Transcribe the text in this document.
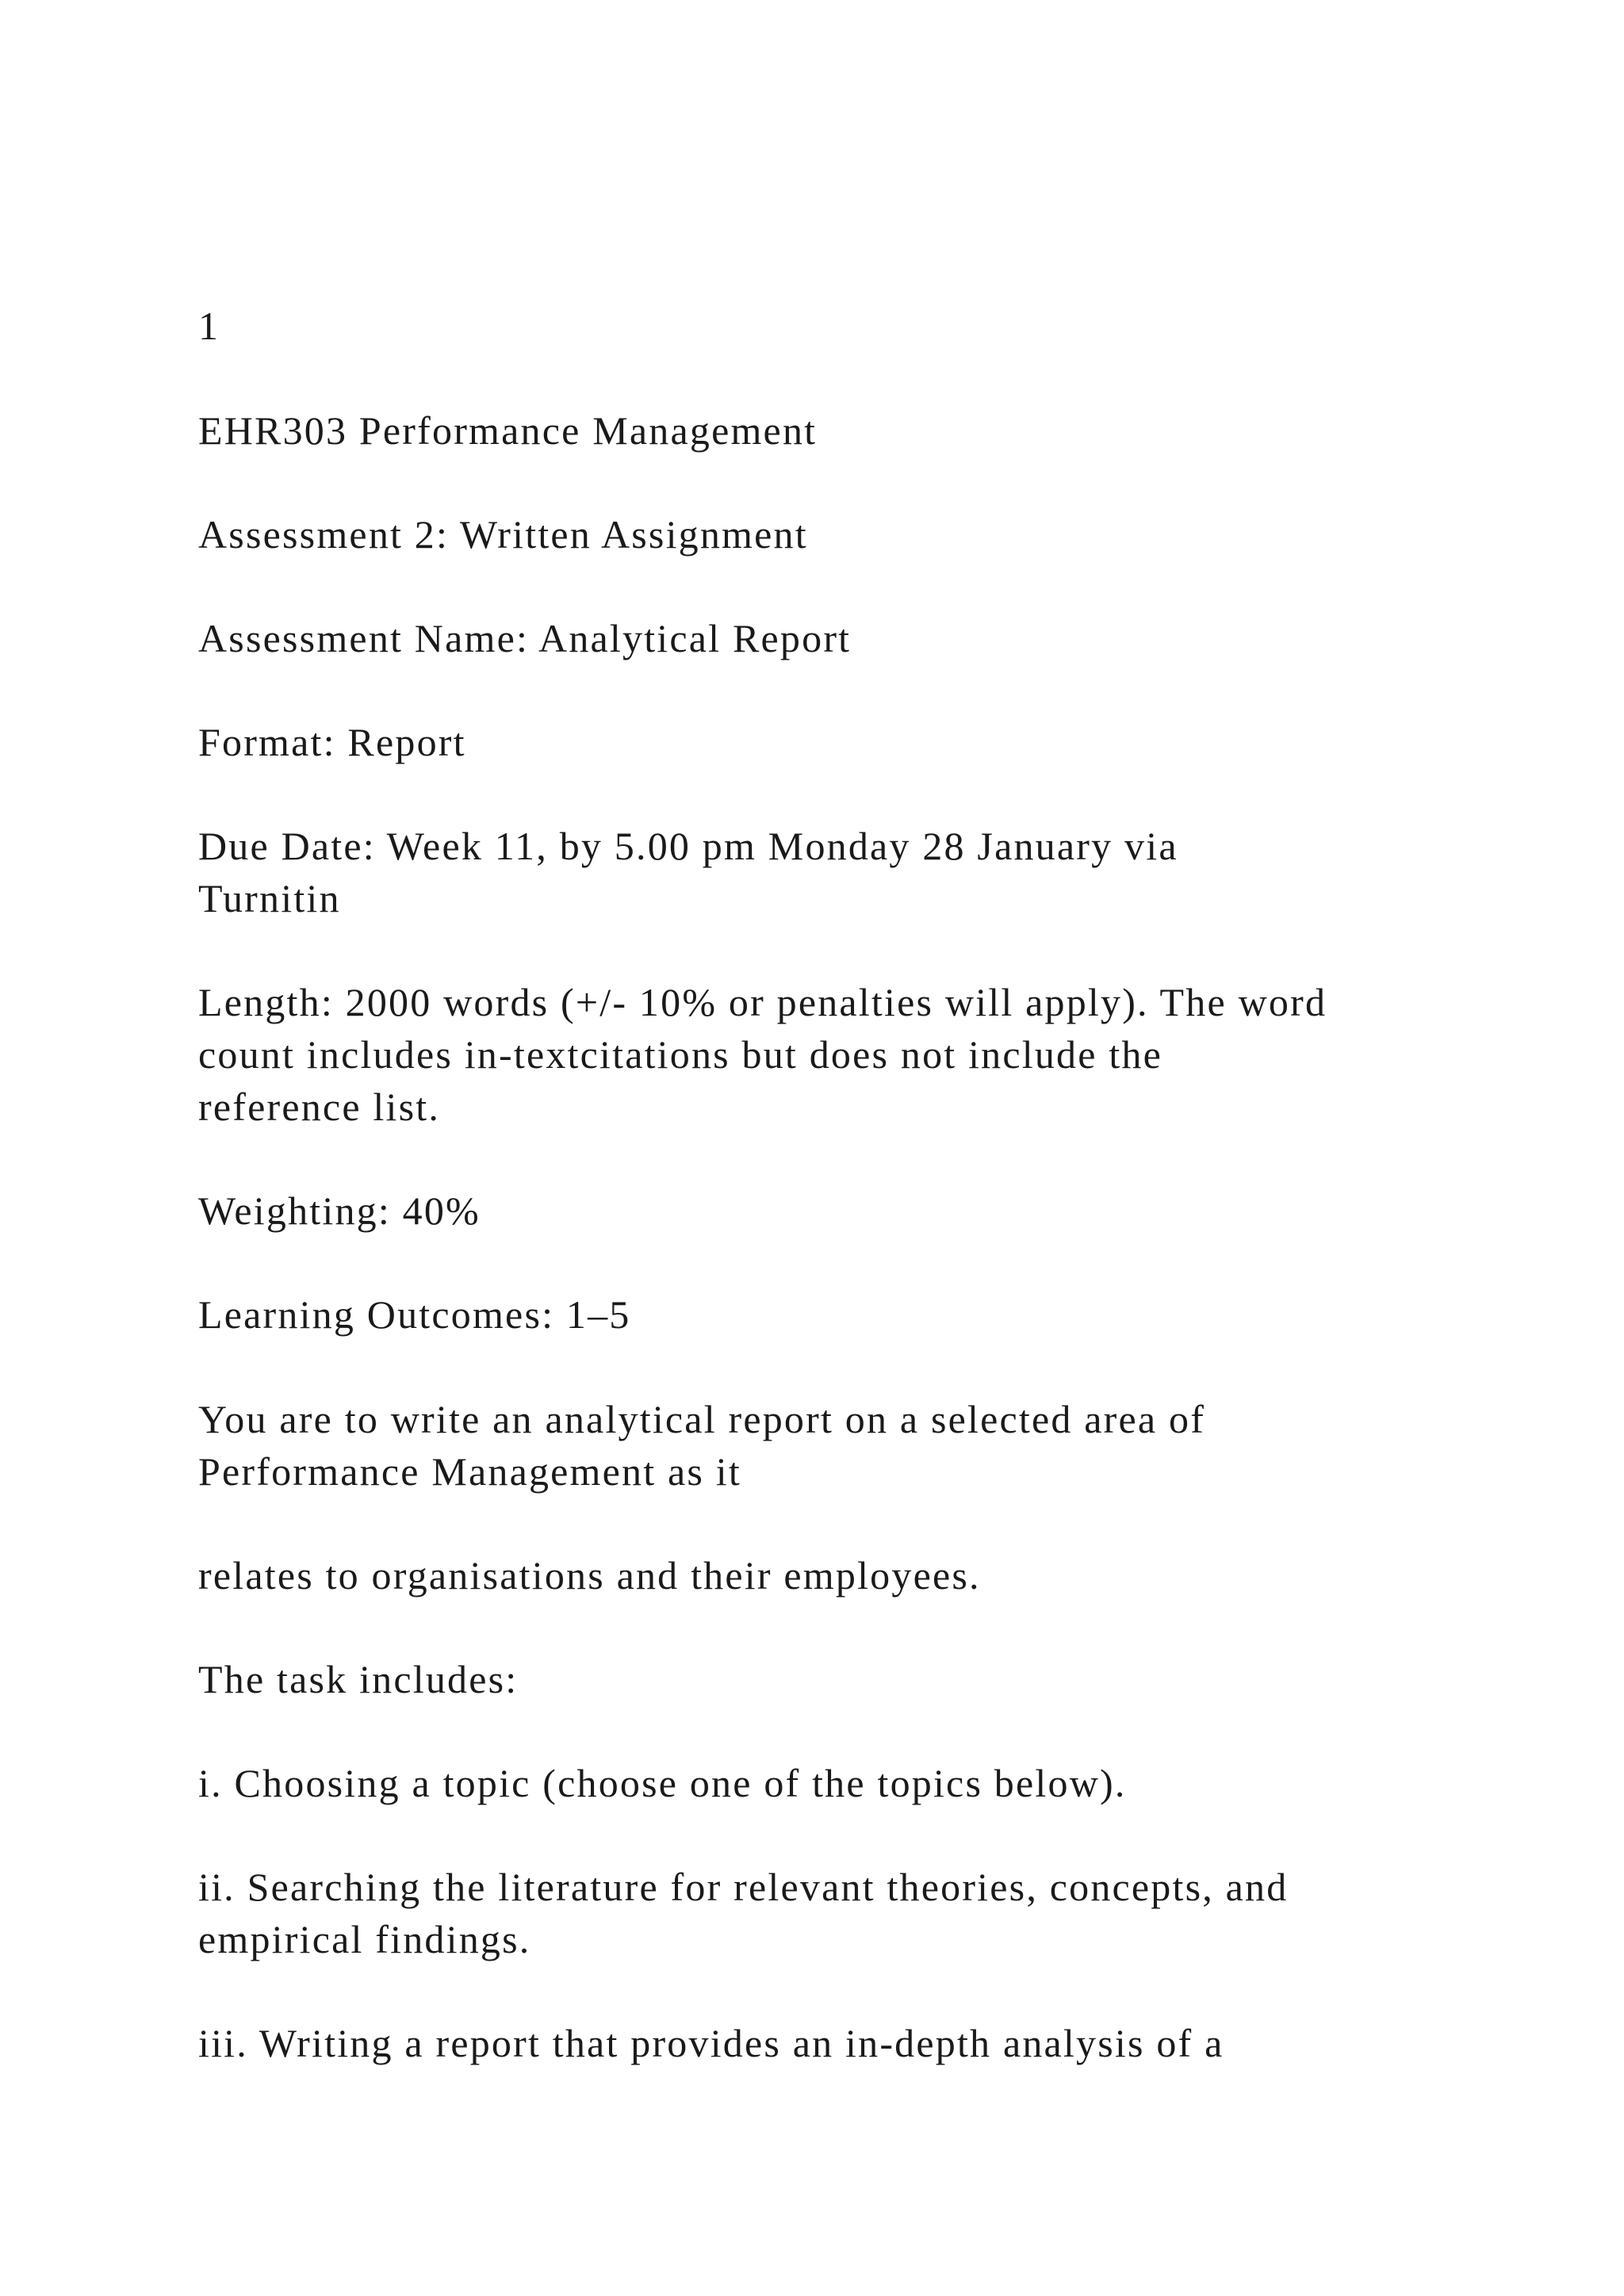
1

EHR303 Performance Management

Assessment 2: Written Assignment

Assessment Name: Analytical Report

Format: Report

Due Date: Week 11, by 5.00 pm Monday 28 January via

Turnitin

Length: 2000 words (+/- 10% or penalties will apply). The word

count includes in-textcitations but does not include the

reference list.

Weighting: 40%

Learning Outcomes: 1–5

You are to write an analytical report on a selected area of

Performance Management as it

relates to organisations and their employees.

The task includes:

i. Choosing a topic (choose one of the topics below).

ii. Searching the literature for relevant theories, concepts, and

empirical findings.

iii. Writing a report that provides an in-depth analysis of a
